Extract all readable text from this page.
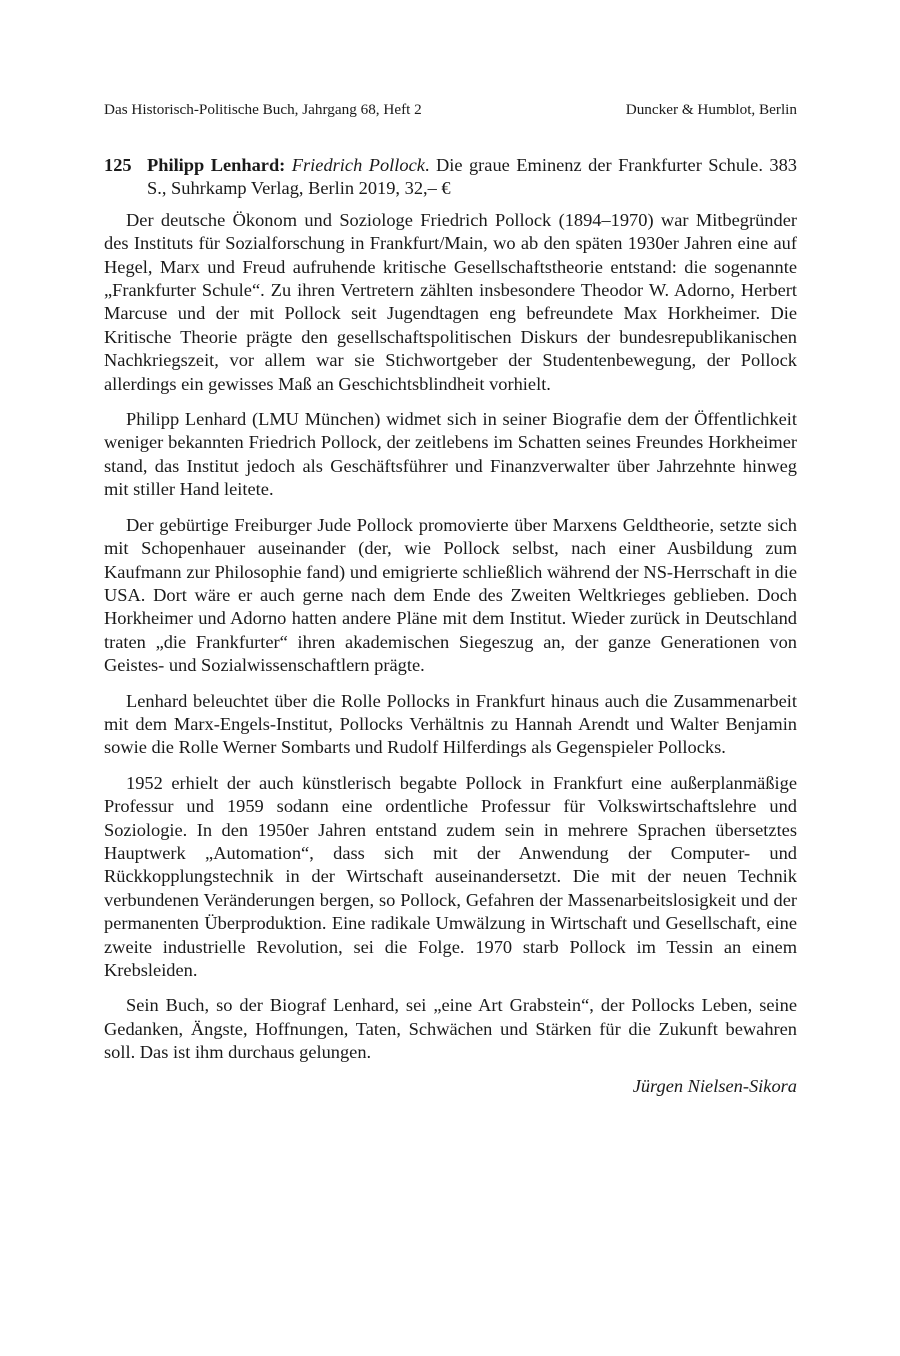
Das Historisch-Politische Buch, Jahrgang 68, Heft 2	Duncker & Humblot, Berlin

125 Philipp Lenhard: Friedrich Pollock. Die graue Eminenz der Frankfurter Schule. 383 S., Suhrkamp Verlag, Berlin 2019, 32,– €

Der deutsche Ökonom und Soziologe Friedrich Pollock (1894–1970) war Mitbegründer des Instituts für Sozialforschung in Frankfurt/Main, wo ab den späten 1930er Jahren eine auf Hegel, Marx und Freud aufruhende kritische Gesellschaftstheorie entstand: die sogenannte „Frankfurter Schule“. Zu ihren Vertretern zählten insbesondere Theodor W. Adorno, Herbert Marcuse und der mit Pollock seit Jugendtagen eng befreundete Max Horkheimer. Die Kritische Theorie prägte den gesellschaftspolitischen Diskurs der bundesrepublikanischen Nachkriegszeit, vor allem war sie Stichwortgeber der Studentenbewegung, der Pollock allerdings ein gewisses Maß an Geschichtsblindheit vorhielt.

Philipp Lenhard (LMU München) widmet sich in seiner Biografie dem der Öffentlichkeit weniger bekannten Friedrich Pollock, der zeitlebens im Schatten seines Freundes Horkheimer stand, das Institut jedoch als Geschäftsführer und Finanzverwalter über Jahrzehnte hinweg mit stiller Hand leitete.

Der gebürtige Freiburger Jude Pollock promovierte über Marxens Geldtheorie, setzte sich mit Schopenhauer auseinander (der, wie Pollock selbst, nach einer Ausbildung zum Kaufmann zur Philosophie fand) und emigrierte schließlich während der NS-Herrschaft in die USA. Dort wäre er auch gerne nach dem Ende des Zweiten Weltkrieges geblieben. Doch Horkheimer und Adorno hatten andere Pläne mit dem Institut. Wieder zurück in Deutschland traten „die Frankfurter“ ihren akademischen Siegeszug an, der ganze Generationen von Geistes- und Sozialwissenschaftlern prägte.

Lenhard beleuchtet über die Rolle Pollocks in Frankfurt hinaus auch die Zusammenarbeit mit dem Marx-Engels-Institut, Pollocks Verhältnis zu Hannah Arendt und Walter Benjamin sowie die Rolle Werner Sombarts und Rudolf Hilferdings als Gegenspieler Pollocks.

1952 erhielt der auch künstlerisch begabte Pollock in Frankfurt eine außerplanmäßige Professur und 1959 sodann eine ordentliche Professur für Volkswirtschaftslehre und Soziologie. In den 1950er Jahren entstand zudem sein in mehrere Sprachen übersetztes Hauptwerk „Automation“, dass sich mit der Anwendung der Computer- und Rückkopplungstechnik in der Wirtschaft auseinandersetzt. Die mit der neuen Technik verbundenen Veränderungen bergen, so Pollock, Gefahren der Massenarbeitslosigkeit und der permanenten Überproduktion. Eine radikale Umwälzung in Wirtschaft und Gesellschaft, eine zweite industrielle Revolution, sei die Folge. 1970 starb Pollock im Tessin an einem Krebsleiden.

Sein Buch, so der Biograf Lenhard, sei „eine Art Grabstein“, der Pollocks Leben, seine Gedanken, Ängste, Hoffnungen, Taten, Schwächen und Stärken für die Zukunft bewahren soll. Das ist ihm durchaus gelungen.

Jürgen Nielsen-Sikora
